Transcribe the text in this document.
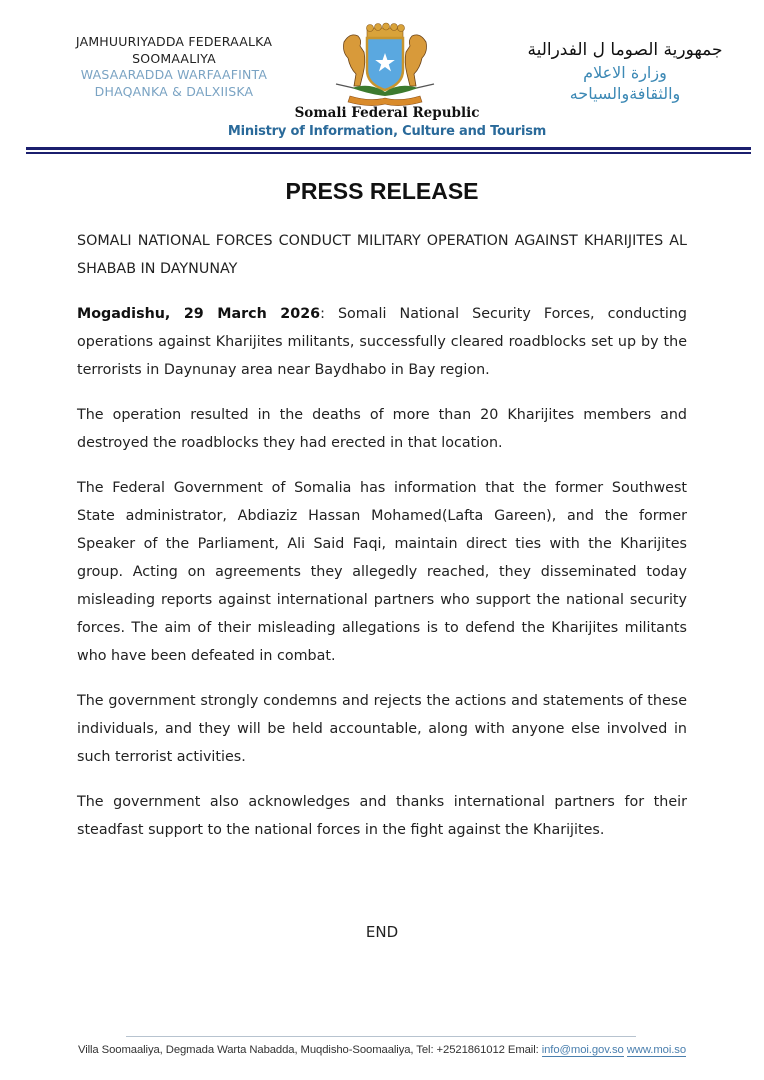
JAMHUURIYADDA FEDERAALKA
SOOMAALIYA
WASAARADDA WARFAAFINTA
DHAQANKA & DALXIISKA
Somali Federal Republic
Ministry of Information, Culture and Tourism
جمهورية الصوما ل الفدرالية
وزارة الاعلام
والثقافةوالسياحه
PRESS RELEASE

SOMALI NATIONAL FORCES CONDUCT MILITARY OPERATION AGAINST KHARIJITES AL SHABAB IN DAYNUNAY

Mogadishu, 29 March 2026: Somali National Security Forces, conducting operations against Kharijites militants, successfully cleared roadblocks set up by the terrorists in Daynunay area near Baydhabo in Bay region.

The operation resulted in the deaths of more than 20 Kharijites members and destroyed the roadblocks they had erected in that location.

The Federal Government of Somalia has information that the former Southwest State administrator, Abdiaziz Hassan Mohamed(Lafta Gareen), and the former Speaker of the Parliament, Ali Said Faqi, maintain direct ties with the Kharijites group. Acting on agreements they allegedly reached, they disseminated today misleading reports against international partners who support the national security forces. The aim of their misleading allegations is to defend the Kharijites militants who have been defeated in combat.

The government strongly condemns and rejects the actions and statements of these individuals, and they will be held accountable, along with anyone else involved in such terrorist activities.

The government also acknowledges and thanks international partners for their steadfast support to the national forces in the fight against the Kharijites.

END
Villa Soomaaliya, Degmada Warta Nabadda, Muqdisho-Soomaaliya, Tel: +2521861012 Email: info@moi.gov.so www.moi.so
